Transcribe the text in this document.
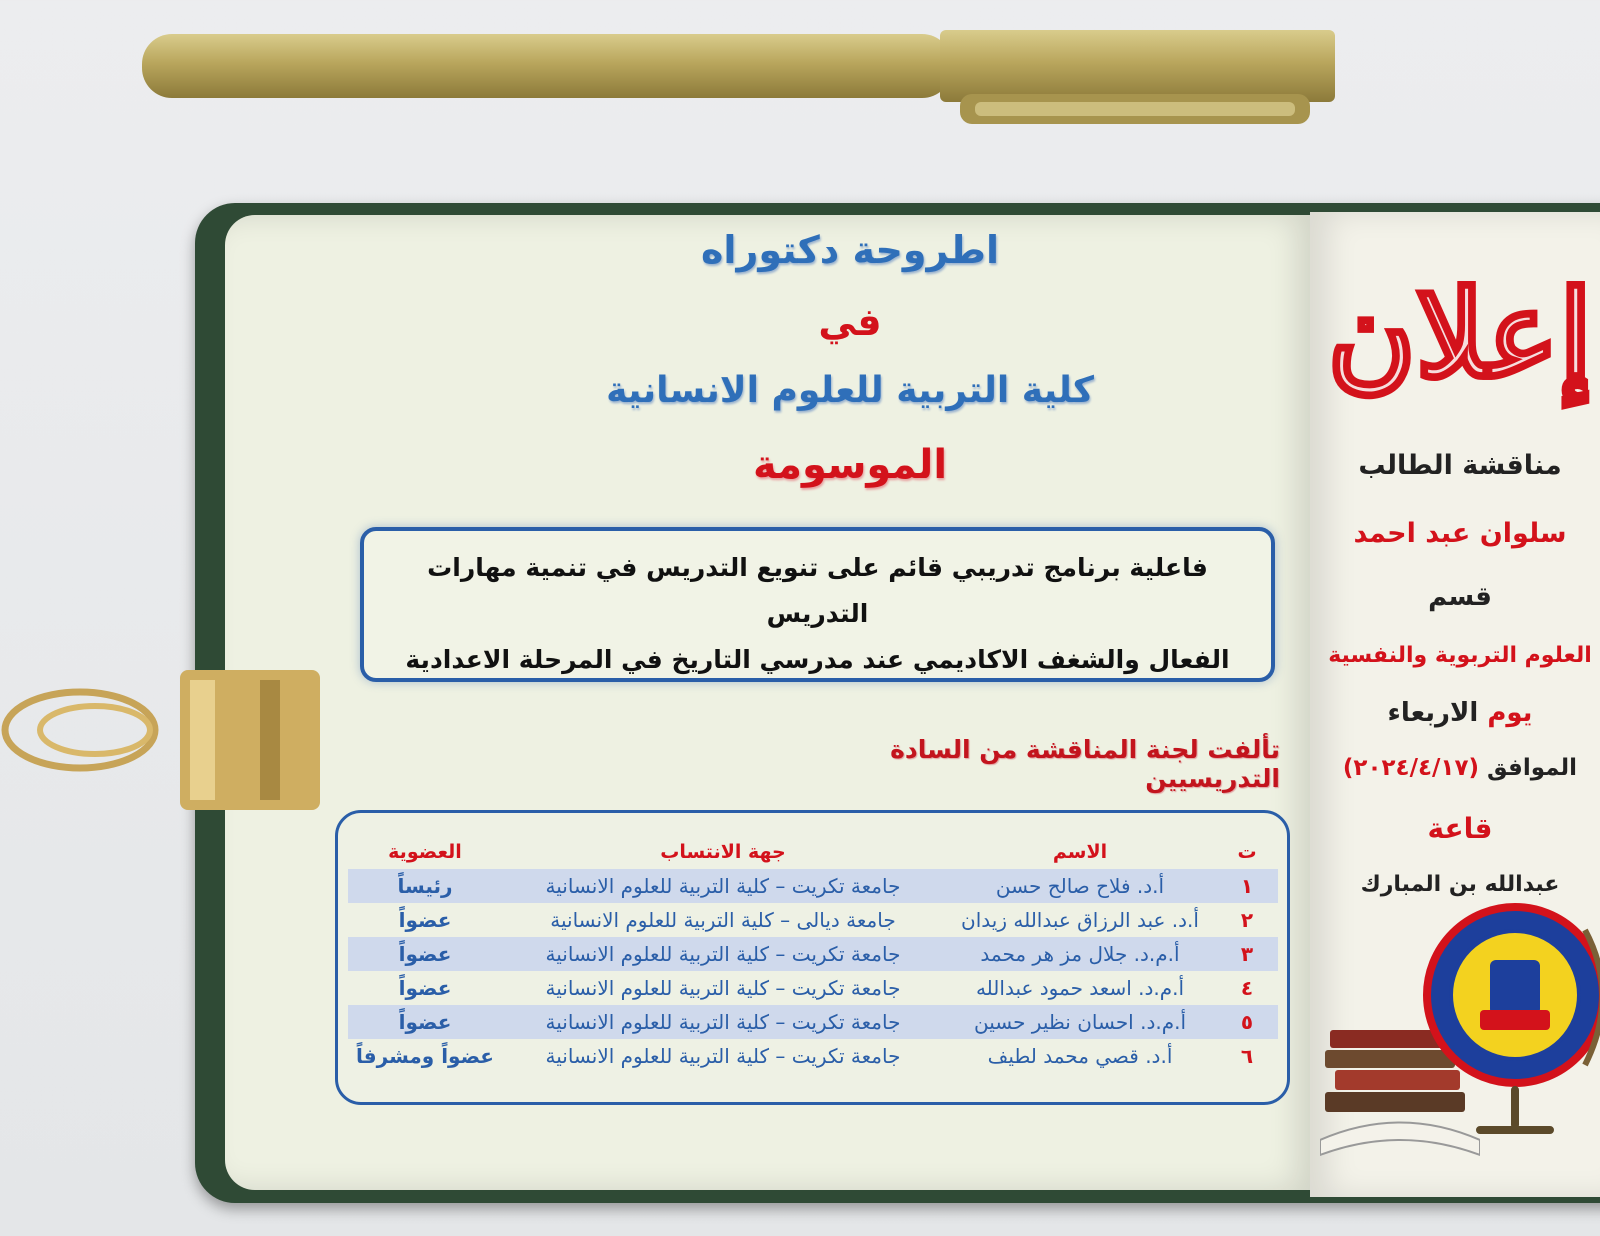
اطروحة دكتوراه
في
كلية التربية للعلوم الانسانية
الموسومة

فاعلية برنامج تدريبي قائم على تنويع التدريس في تنمية مهارات التدريس

الفعال والشغف الاكاديمي عند مدرسي التاريخ في المرحلة الاعدادية

تألفت لجنة المناقشة من السادة التدريسيين
ت	الاسم	جهة الانتساب	العضوية
١	أ.د. فلاح صالح حسن	جامعة تكريت – كلية التربية للعلوم الانسانية	رئيساً
٢	أ.د. عبد الرزاق عبدالله زيدان	جامعة ديالى – كلية التربية للعلوم الانسانية	عضواً
٣	أ.م.د. جلال مز هر محمد	جامعة تكريت – كلية التربية للعلوم الانسانية	عضواً
٤	أ.م.د. اسعد حمود عبدالله	جامعة تكريت – كلية التربية للعلوم الانسانية	عضواً
٥	أ.م.د. احسان نظير حسين	جامعة تكريت – كلية التربية للعلوم الانسانية	عضواً
٦	أ.د. قصي محمد لطيف	جامعة تكريت – كلية التربية للعلوم الانسانية	عضواً ومشرفاً
إعلان
مناقشة الطالب
سلوان عبد احمد
قسم
العلوم التربوية والنفسية
يوم الاربعاء
الموافق (٢٠٢٤/٤/١٧)
قاعة
عبدالله بن المبارك
